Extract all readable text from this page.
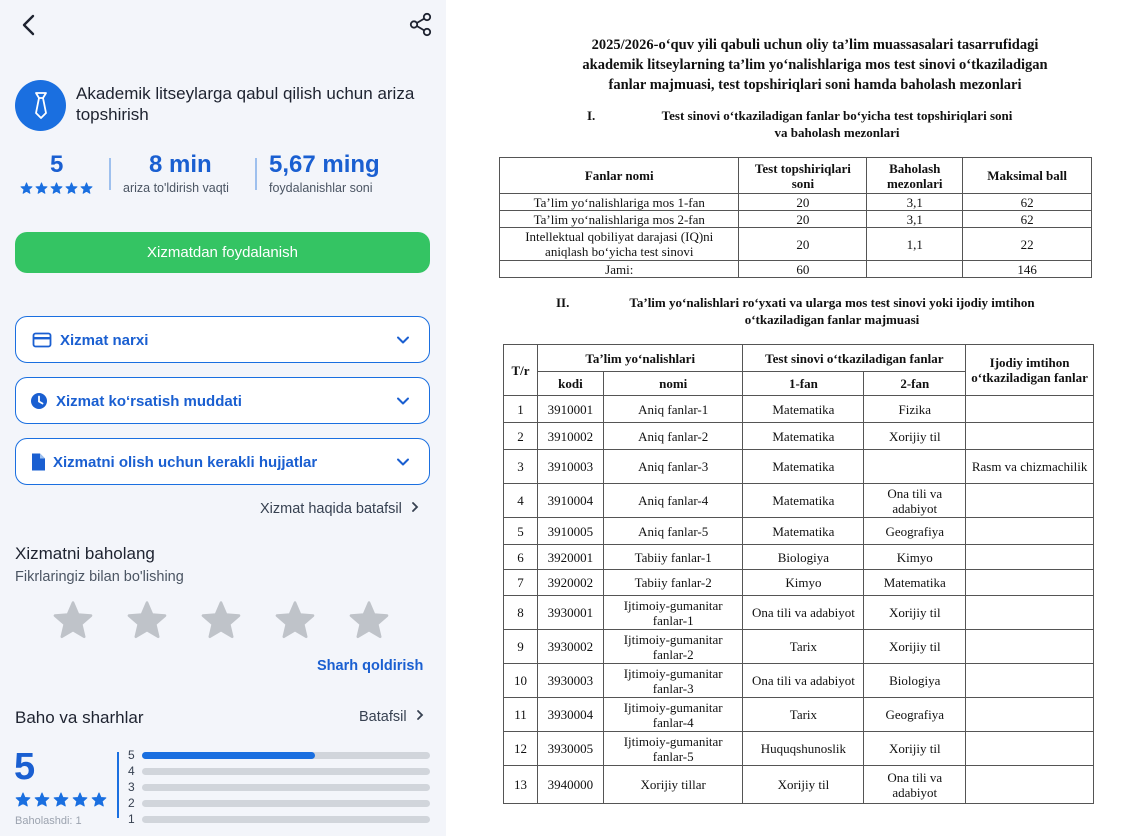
Akademik litseylarga qabul qilish uchun ariza topshirish
5	8 min
ariza to'ldirish vaqti
5,67 ming
foydalanishlar soni
Xizmatdan foydalanish
Xizmat narxi
Xizmat ko‘rsatish muddati
Xizmatni olish uchun kerakli hujjatlar
Xizmat haqida batafsil
Xizmatni baholang
Fikrlaringiz bilan bo'lishing
Sharh qoldirish
Baho va sharhlar	Batafsil
5
Baholashdi: 1
5
4
3
2
1
2025/2026-o‘quv yili qabuli uchun oliy ta’lim muassasalari tasarrufidagi
akademik litseylarning ta’lim yo‘nalishlariga mos test sinovi o‘tkaziladigan
fanlar majmuasi, test topshiriqlari soni hamda baholash mezonlari
I.	Test sinovi o‘tkaziladigan fanlar bo‘yicha test topshiriqlari soni
va baholash mezonlari
Fanlar nomi	Test topshiriqlari soni	Baholash mezonlari	Maksimal ball
Ta’lim yo‘nalishlariga mos 1-fan	20	3,1	62
Ta’lim yo‘nalishlariga mos 2-fan	20	3,1	62
Intellektual qobiliyat darajasi (IQ)ni aniqlash bo‘yicha test sinovi	20	1,1	22
Jami:	60		146
II.	Ta’lim yo‘nalishlari ro‘yxati va ularga mos test sinovi yoki ijodiy imtihon
o‘tkaziladigan fanlar majmuasi
T/r	Ta’lim yo‘nalishlari		Test sinovi o‘tkaziladigan fanlar		Ijodiy imtihon o‘tkaziladigan fanlar
	kodi	nomi	1-fan	2-fan	
1	3910001	Aniq fanlar-1	Matematika	Fizika	
2	3910002	Aniq fanlar-2	Matematika	Xorijiy til	
3	3910003	Aniq fanlar-3	Matematika		Rasm va chizmachilik
4	3910004	Aniq fanlar-4	Matematika	Ona tili va adabiyot	
5	3910005	Aniq fanlar-5	Matematika	Geografiya	
6	3920001	Tabiiy fanlar-1	Biologiya	Kimyo	
7	3920002	Tabiiy fanlar-2	Kimyo	Matematika	
8	3930001	Ijtimoiy-gumanitar fanlar-1	Ona tili va adabiyot	Xorijiy til	
9	3930002	Ijtimoiy-gumanitar fanlar-2	Tarix	Xorijiy til	
10	3930003	Ijtimoiy-gumanitar fanlar-3	Ona tili va adabiyot	Biologiya	
11	3930004	Ijtimoiy-gumanitar fanlar-4	Tarix	Geografiya	
12	3930005	Ijtimoiy-gumanitar fanlar-5	Huquqshunoslik	Xorijiy til	
13	3940000	Xorijiy tillar	Xorijiy til	Ona tili va adabiyot	
